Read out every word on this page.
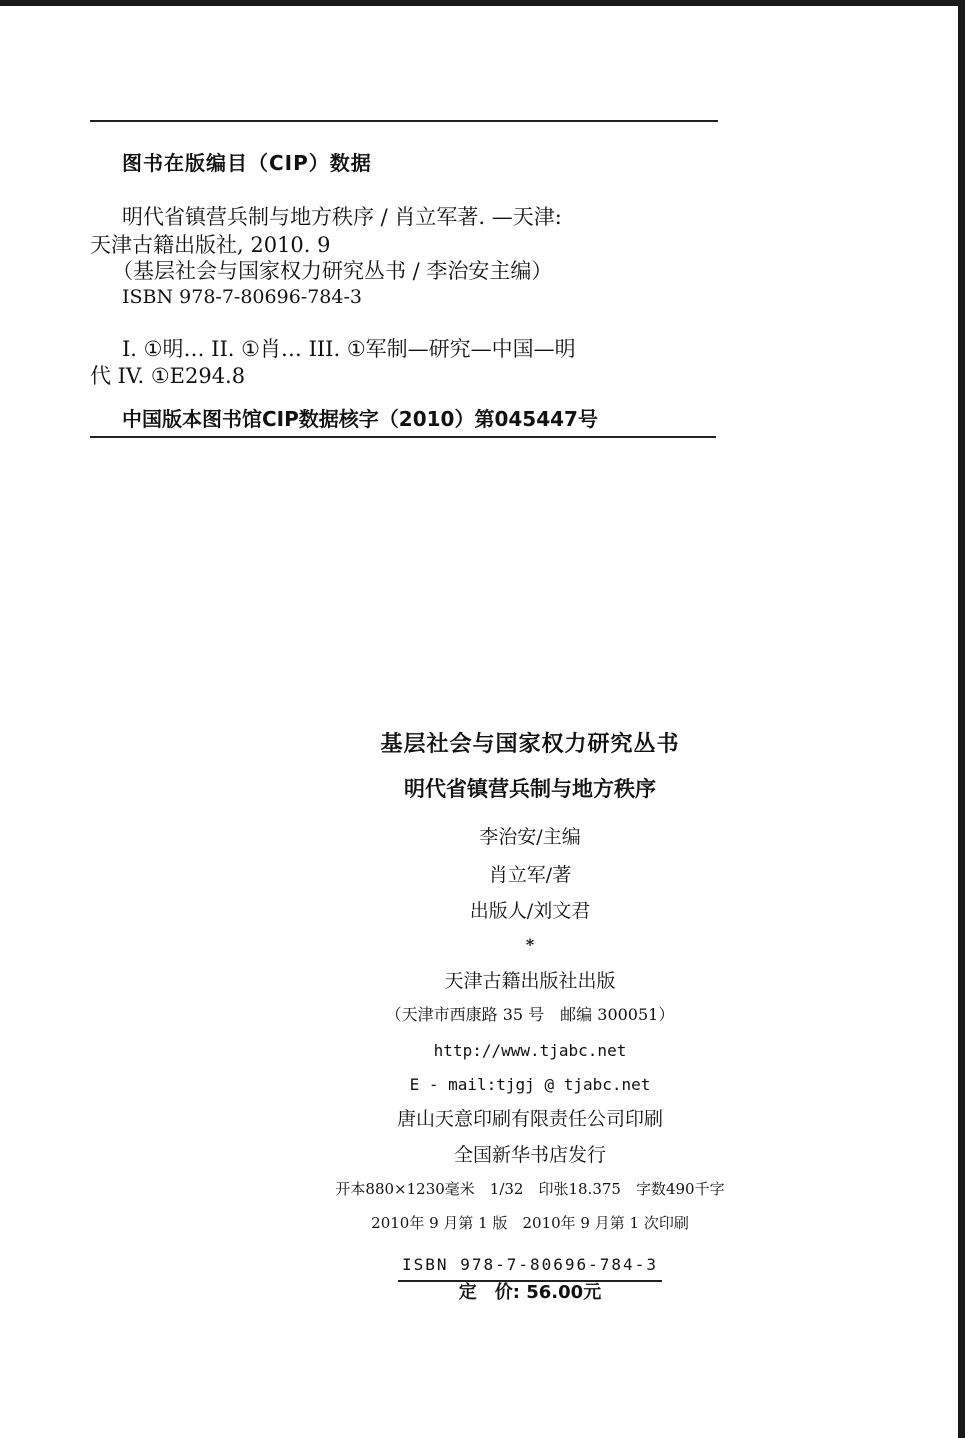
图书在版编目（CIP）数据
明代省镇营兵制与地方秩序 / 肖立军著. —天津:
天津古籍出版社, 2010. 9
（基层社会与国家权力研究丛书 / 李治安主编）
ISBN 978-7-80696-784-3
I. ①明… II. ①肖… III. ①军制—研究—中国—明
代 IV. ①E294.8
中国版本图书馆CIP数据核字（2010）第045447号
基层社会与国家权力研究丛书
明代省镇营兵制与地方秩序
李治安/主编
肖立军/著
出版人/刘文君
*
天津古籍出版社出版
（天津市西康路 35 号　邮编 300051）
http://www.tjabc.net
E - mail:tjgj @ tjabc.net
唐山天意印刷有限责任公司印刷
全国新华书店发行
开本880×1230毫米　1/32　印张18.375　字数490千字
2010年 9 月第 1 版　2010年 9 月第 1 次印刷
ISBN 978-7-80696-784-3
定　价: 56.00元
